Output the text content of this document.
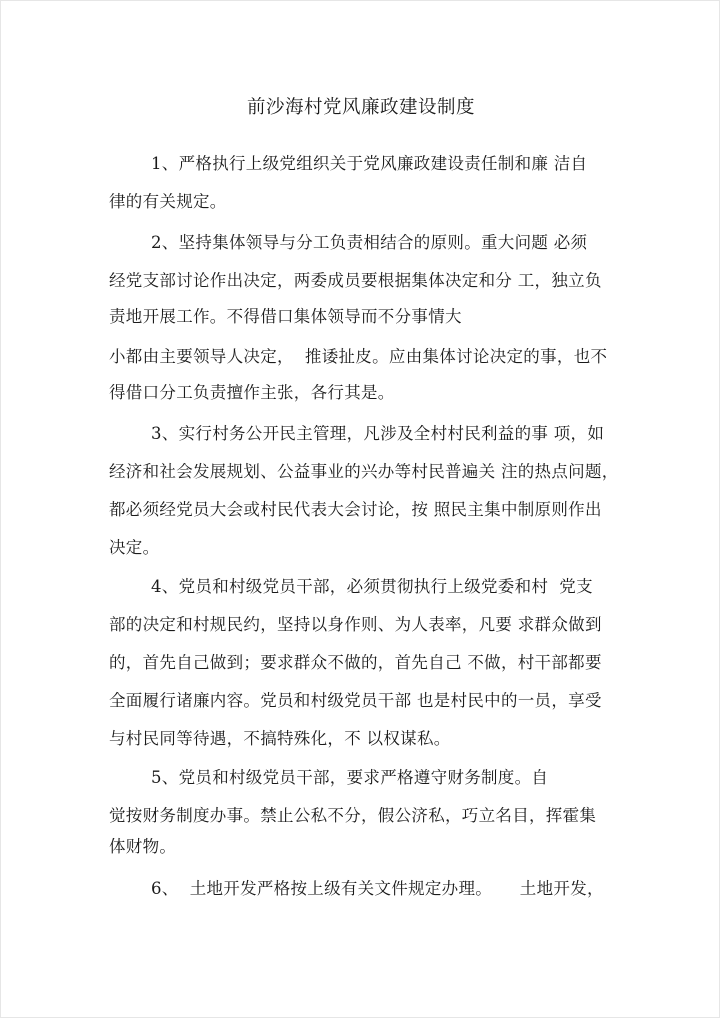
前沙海村党风廉政建设制度
1、严格执行上级党组织关于党风廉政建设责任制和廉 洁自
律的有关规定。
2、坚持集体领导与分工负责相结合的原则。重大问题 必须
经党支部讨论作出决定，两委成员要根据集体决定和分 工，独立负
责地开展工作。不得借口集体领导而不分事情大
小都由主要领导人决定，  推诿扯皮。应由集体讨论决定的事，也不
得借口分工负责擅作主张，各行其是。
3、实行村务公开民主管理，凡涉及全村村民利益的事 项，如
经济和社会发展规划、公益事业的兴办等村民普遍关 注的热点问题，
都必须经党员大会或村民代表大会讨论，按 照民主集中制原则作出
决定。
4、党员和村级党员干部，必须贯彻执行上级党委和村  党支
部的决定和村规民约，坚持以身作则、为人表率，凡要 求群众做到
的，首先自己做到；要求群众不做的，首先自己 不做，村干部都要
全面履行诸廉内容。党员和村级党员干部 也是村民中的一员，享受
与村民同等待遇，不搞特殊化，不 以权谋私。
5、党员和村级党员干部，要求严格遵守财务制度。自
觉按财务制度办事。禁止公私不分，假公济私，巧立名目，挥霍集
体财物。
6、  土地开发严格按上级有关文件规定办理。     土地开发，
